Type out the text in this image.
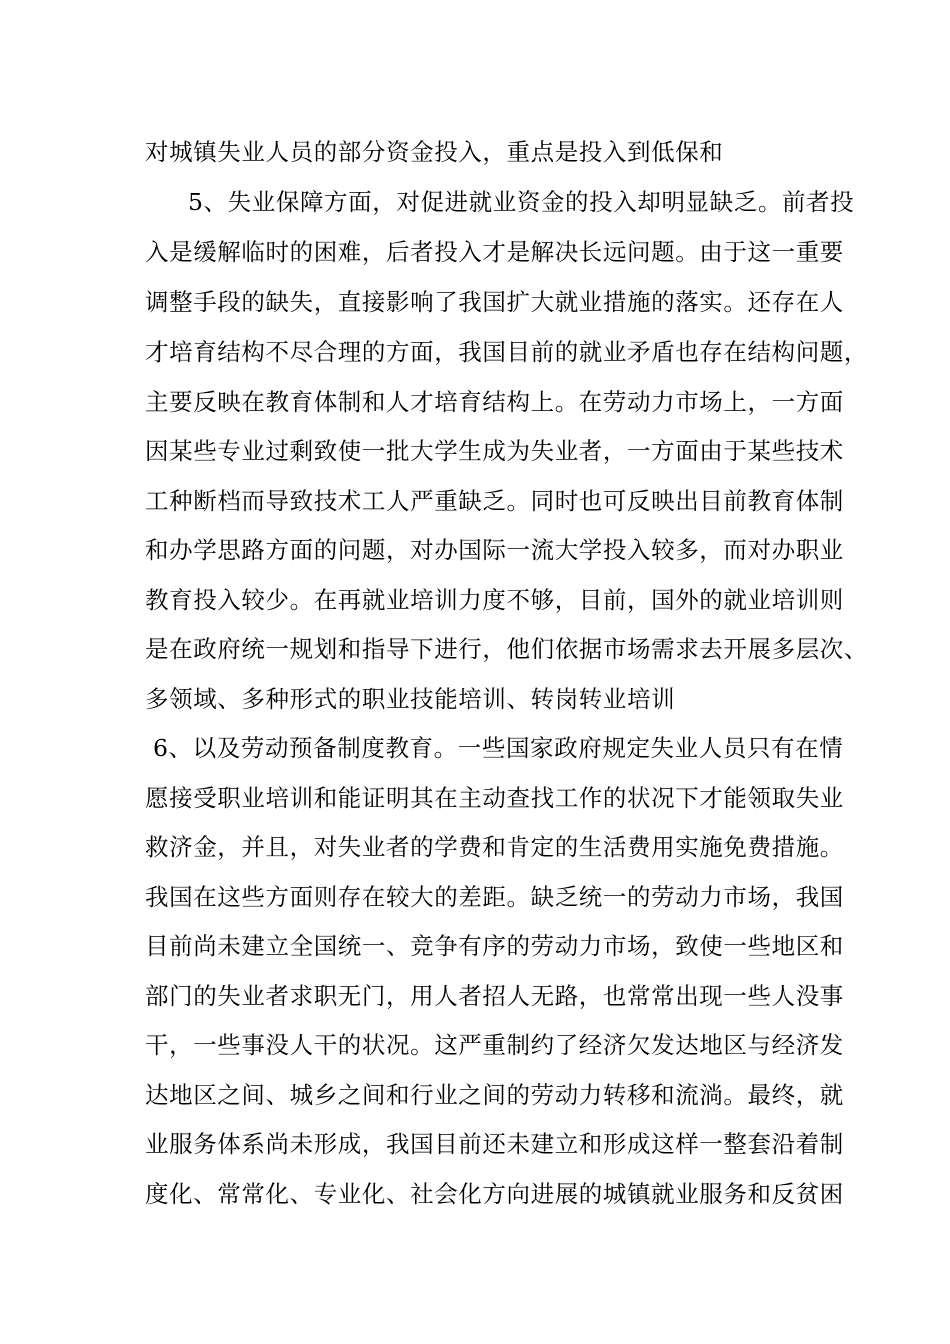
对城镇失业人员的部分资金投入，重点是投入到低保和
5、失业保障方面，对促进就业资金的投入却明显缺乏。前者投
入是缓解临时的困难，后者投入才是解决长远问题。由于这一重要
调整手段的缺失，直接影响了我国扩大就业措施的落实。还存在人
才培育结构不尽合理的方面，我国目前的就业矛盾也存在结构问题，
主要反映在教育体制和人才培育结构上。在劳动力市场上，一方面
因某些专业过剩致使一批大学生成为失业者，一方面由于某些技术
工种断档而导致技术工人严重缺乏。同时也可反映出目前教育体制
和办学思路方面的问题，对办国际一流大学投入较多，而对办职业
教育投入较少。在再就业培训力度不够，目前，国外的就业培训则
是在政府统一规划和指导下进行，他们依据市场需求去开展多层次、
多领域、多种形式的职业技能培训、转岗转业培训
6、以及劳动预备制度教育。一些国家政府规定失业人员只有在情
愿接受职业培训和能证明其在主动查找工作的状况下才能领取失业
救济金，并且，对失业者的学费和肯定的生活费用实施免费措施。
我国在这些方面则存在较大的差距。缺乏统一的劳动力市场，我国
目前尚未建立全国统一、竞争有序的劳动力市场，致使一些地区和
部门的失业者求职无门，用人者招人无路，也常常出现一些人没事
干，一些事没人干的状况。这严重制约了经济欠发达地区与经济发
达地区之间、城乡之间和行业之间的劳动力转移和流淌。最终，就
业服务体系尚未形成，我国目前还未建立和形成这样一整套沿着制
度化、常常化、专业化、社会化方向进展的城镇就业服务和反贫困
